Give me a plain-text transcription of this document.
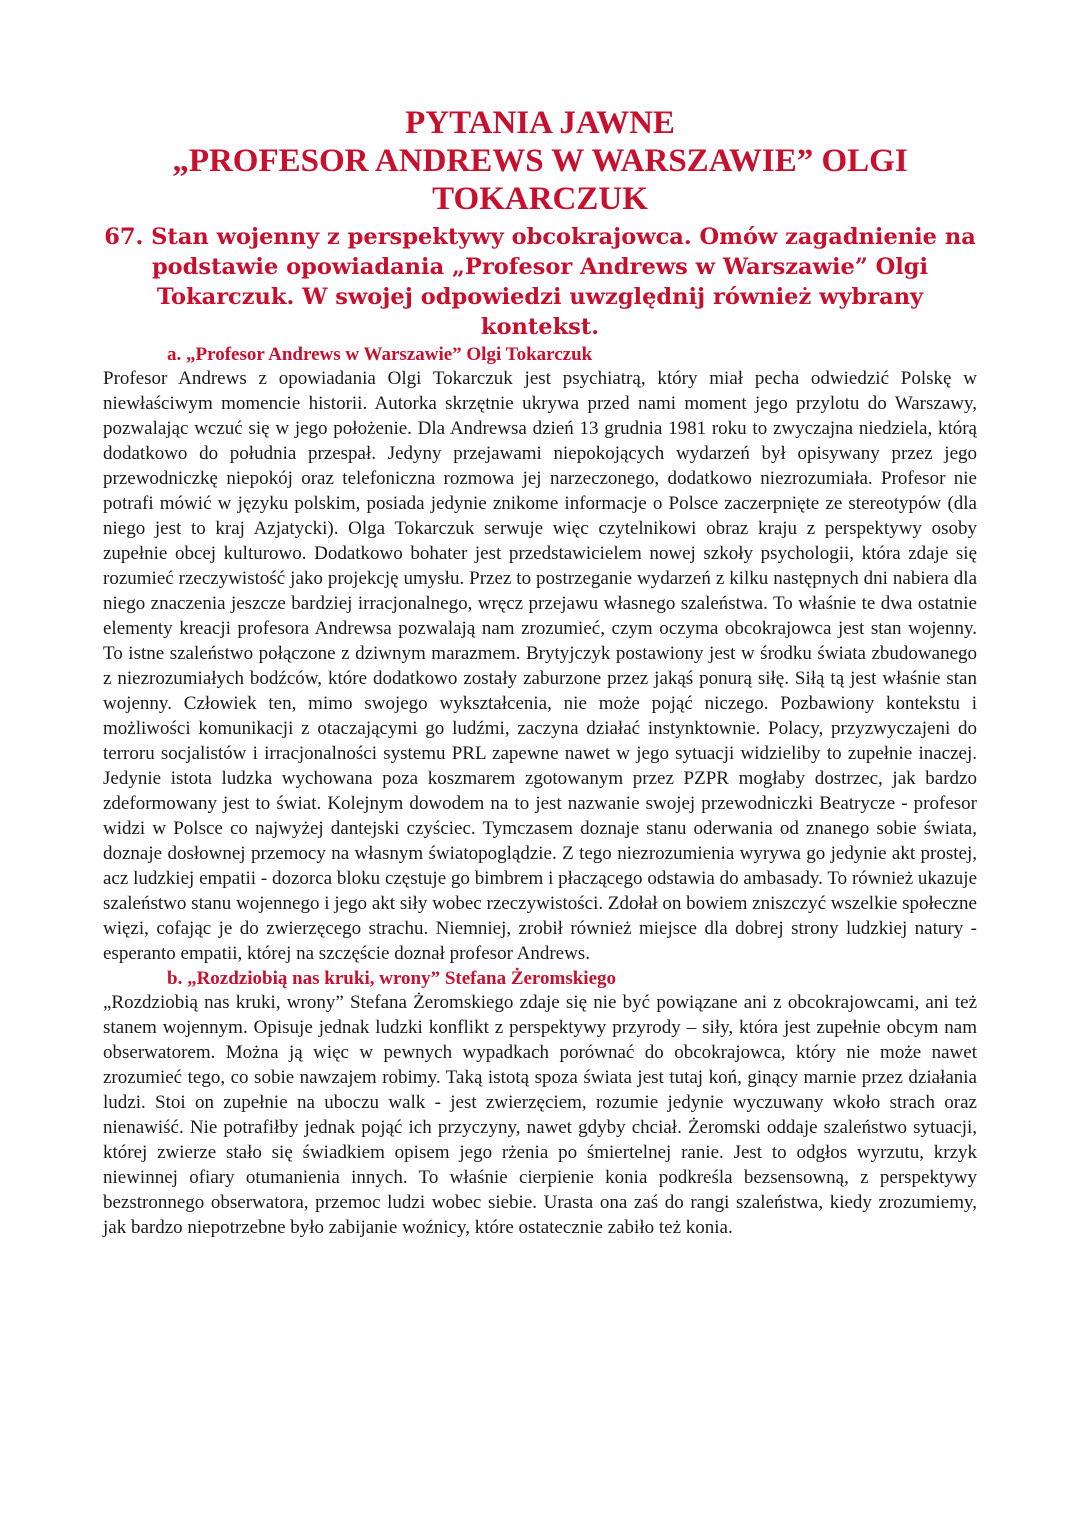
PYTANIA JAWNE
„PROFESOR ANDREWS W WARSZAWIE” OLGI TOKARCZUK
67. Stan wojenny z perspektywy obcokrajowca. Omów zagadnienie na podstawie opowiadania „Profesor Andrews w Warszawie” Olgi Tokarczuk. W swojej odpowiedzi uwzględnij również wybrany kontekst.
a. „Profesor Andrews w Warszawie” Olgi Tokarczuk

Profesor Andrews z opowiadania Olgi Tokarczuk jest psychiatrą, który miał pecha odwiedzić Polskę w niewłaściwym momencie historii. Autorka skrzętnie ukrywa przed nami moment jego przylotu do Warszawy, pozwalając wczuć się w jego położenie. Dla Andrewsa dzień 13 grudnia 1981 roku to zwyczajna niedziela, którą dodatkowo do południa przespał. Jedyny przejawami niepokojących wydarzeń był opisywany przez jego przewodniczkę niepokój oraz telefoniczna rozmowa jej narzeczonego, dodatkowo niezrozumiała. Profesor nie potrafi mówić w języku polskim, posiada jedynie znikome informacje o Polsce zaczerpnięte ze stereotypów (dla niego jest to kraj Azjatycki). Olga Tokarczuk serwuje więc czytelnikowi obraz kraju z perspektywy osoby zupełnie obcej kulturowo. Dodatkowo bohater jest przedstawicielem nowej szkoły psychologii, która zdaje się rozumieć rzeczywistość jako projekcję umysłu. Przez to postrzeganie wydarzeń z kilku następnych dni nabiera dla niego znaczenia jeszcze bardziej irracjonalnego, wręcz przejawu własnego szaleństwa. To właśnie te dwa ostatnie elementy kreacji profesora Andrewsa pozwalają nam zrozumieć, czym oczyma obcokrajowca jest stan wojenny. To istne szaleństwo połączone z dziwnym marazmem. Brytyjczyk postawiony jest w środku świata zbudowanego z niezrozumiałych bodźców, które dodatkowo zostały zaburzone przez jakąś ponurą siłę. Siłą tą jest właśnie stan wojenny. Człowiek ten, mimo swojego wykształcenia, nie może pojąć niczego. Pozbawiony kontekstu i możliwości komunikacji z otaczającymi go ludźmi, zaczyna działać instynktownie. Polacy, przyzwyczajeni do terroru socjalistów i irracjonalności systemu PRL zapewne nawet w jego sytuacji widzieliby to zupełnie inaczej. Jedynie istota ludzka wychowana poza koszmarem zgotowanym przez PZPR mogłaby dostrzec, jak bardzo zdeformowany jest to świat. Kolejnym dowodem na to jest nazwanie swojej przewodniczki Beatrycze - profesor widzi w Polsce co najwyżej dantejski czyściec. Tymczasem doznaje stanu oderwania od znanego sobie świata, doznaje dosłownej przemocy na własnym światopoglądzie. Z tego niezrozumienia wyrywa go jedynie akt prostej, acz ludzkiej empatii - dozorca bloku częstuje go bimbrem i płaczącego odstawia do ambasady. To również ukazuje szaleństwo stanu wojennego i jego akt siły wobec rzeczywistości. Zdołał on bowiem zniszczyć wszelkie społeczne więzi, cofając je do zwierzęcego strachu. Niemniej, zrobił również miejsce dla dobrej strony ludzkiej natury - esperanto empatii, której na szczęście doznał profesor Andrews.

b. „Rozdziobią nas kruki, wrony” Stefana Żeromskiego

„Rozdziobią nas kruki, wrony” Stefana Żeromskiego zdaje się nie być powiązane ani z obcokrajowcami, ani też stanem wojennym. Opisuje jednak ludzki konflikt z perspektywy przyrody – siły, która jest zupełnie obcym nam obserwatorem. Można ją więc w pewnych wypadkach porównać do obcokrajowca, który nie może nawet zrozumieć tego, co sobie nawzajem robimy. Taką istotą spoza świata jest tutaj koń, ginący marnie przez działania ludzi. Stoi on zupełnie na uboczu walk - jest zwierzęciem, rozumie jedynie wyczuwany wkoło strach oraz nienawiść. Nie potrafiłby jednak pojąć ich przyczyny, nawet gdyby chciał. Żeromski oddaje szaleństwo sytuacji, której zwierze stało się świadkiem opisem jego rżenia po śmiertelnej ranie. Jest to odgłos wyrzutu, krzyk niewinnej ofiary otumanienia innych. To właśnie cierpienie konia podkreśla bezsensowną, z perspektywy bezstronnego obserwatora, przemoc ludzi wobec siebie. Urasta ona zaś do rangi szaleństwa, kiedy zrozumiemy, jak bardzo niepotrzebne było zabijanie woźnicy, które ostatecznie zabiło też konia.
